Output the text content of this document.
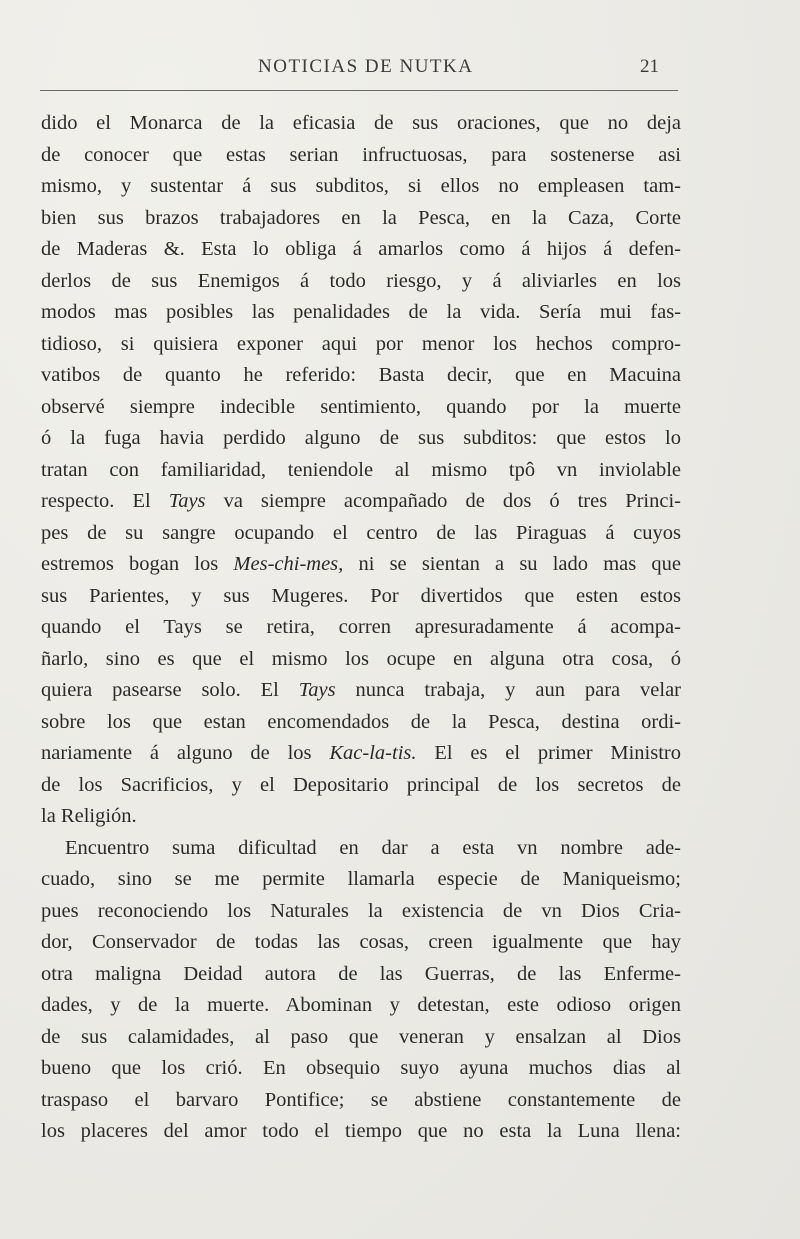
NOTICIAS DE NUTKA	21
dido el Monarca de la eficasia de sus oraciones, que no deja
de conocer que estas serian infructuosas, para sostenerse asi
mismo, y sustentar á sus subditos, si ellos no empleasen tam-
bien sus brazos trabajadores en la Pesca, en la Caza, Corte
de Maderas &. Esta lo obliga á amarlos como á hijos á defen-
derlos de sus Enemigos á todo riesgo, y á aliviarles en los
modos mas posibles las penalidades de la vida. Sería mui fas-
tidioso, si quisiera exponer aqui por menor los hechos compro-
vatibos de quanto he referido: Basta decir, que en Macuina
observé siempre indecible sentimiento, quando por la muerte
ó la fuga havia perdido alguno de sus subditos: que estos lo
tratan con familiaridad, teniendole al mismo tpô vn inviolable
respecto. El Tays va siempre acompañado de dos ó tres Princi-
pes de su sangre ocupando el centro de las Piraguas á cuyos
estremos bogan los Mes-chi-mes, ni se sientan a su lado mas que
sus Parientes, y sus Mugeres. Por divertidos que esten estos
quando el Tays se retira, corren apresuradamente á acompa-
ñarlo, sino es que el mismo los ocupe en alguna otra cosa, ó
quiera pasearse solo. El Tays nunca trabaja, y aun para velar
sobre los que estan encomendados de la Pesca, destina ordi-
nariamente á alguno de los Kac-la-tis. El es el primer Ministro
de los Sacrificios, y el Depositario principal de los secretos de
la Religión.
Encuentro suma dificultad en dar a esta vn nombre ade-
cuado, sino se me permite llamarla especie de Maniqueismo;
pues reconociendo los Naturales la existencia de vn Dios Cria-
dor, Conservador de todas las cosas, creen igualmente que hay
otra maligna Deidad autora de las Guerras, de las Enferme-
dades, y de la muerte. Abominan y detestan, este odioso origen
de sus calamidades, al paso que veneran y ensalzan al Dios
bueno que los crió. En obsequio suyo ayuna muchos dias al
traspaso el barvaro Pontifice; se abstiene constantemente de
los placeres del amor todo el tiempo que no esta la Luna llena:
